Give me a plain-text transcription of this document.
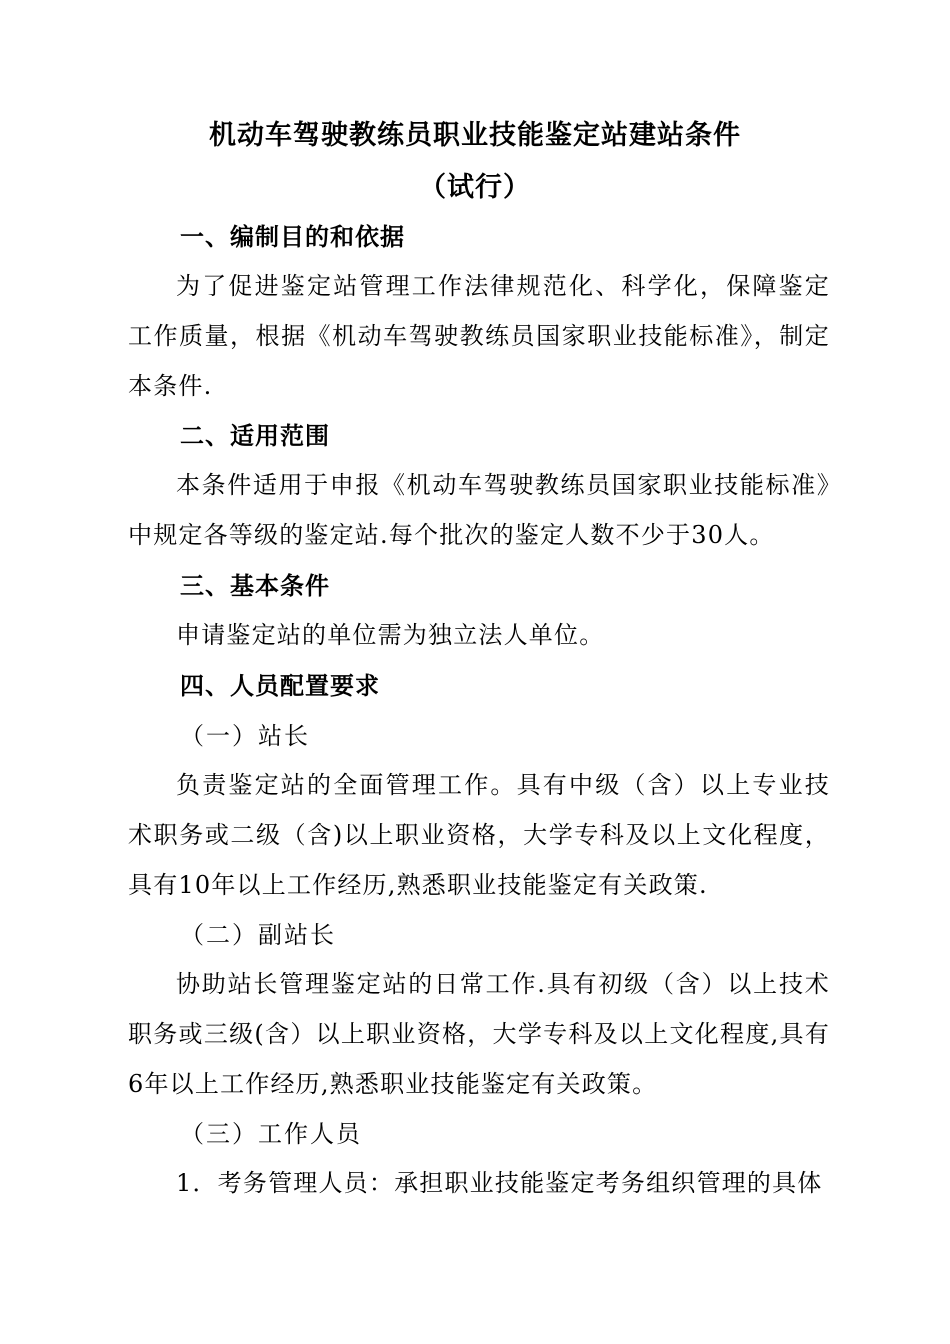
机动车驾驶教练员职业技能鉴定站建站条件
（试行）
一、编制目的和依据
为了促进鉴定站管理工作法律规范化、科学化，保障鉴定工作质量，根据《机动车驾驶教练员国家职业技能标准》，制定本条件.
二、适用范围
本条件适用于申报《机动车驾驶教练员国家职业技能标准》中规定各等级的鉴定站.每个批次的鉴定人数不少于30人。
三、基本条件
申请鉴定站的单位需为独立法人单位。
四、人员配置要求
（一）站长
负责鉴定站的全面管理工作。具有中级（含）以上专业技术职务或二级（含)以上职业资格，大学专科及以上文化程度，具有10年以上工作经历,熟悉职业技能鉴定有关政策.
（二）副站长
协助站长管理鉴定站的日常工作.具有初级（含）以上技术职务或三级(含）以上职业资格，大学专科及以上文化程度,具有6年以上工作经历,熟悉职业技能鉴定有关政策。
（三）工作人员
1．考务管理人员：承担职业技能鉴定考务组织管理的具体
